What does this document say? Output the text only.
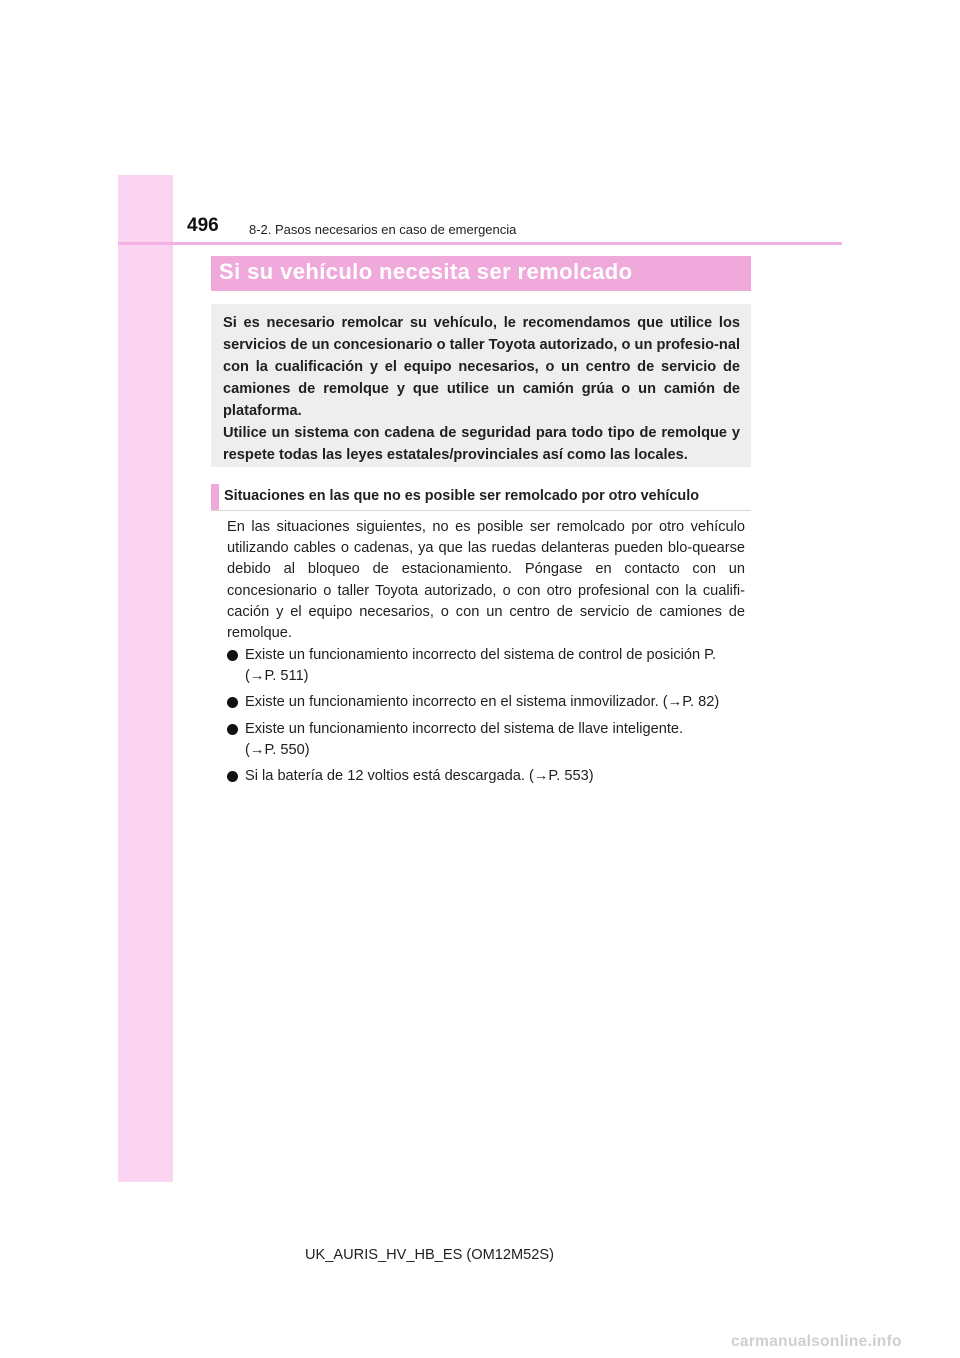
496 8-2. Pasos necesarios en caso de emergencia
Si su vehículo necesita ser remolcado

Si es necesario remolcar su vehículo, le recomendamos que utilice los servicios de un concesionario o taller Toyota autorizado, o un profesio-nal con la cualificación y el equipo necesarios, o un centro de servicio de camiones de remolque y que utilice un camión grúa o un camión de plataforma.

Utilice un sistema con cadena de seguridad para todo tipo de remolque y respete todas las leyes estatales/provinciales así como las locales.

Situaciones en las que no es posible ser remolcado por otro vehículo

En las situaciones siguientes, no es posible ser remolcado por otro vehículo utilizando cables o cadenas, ya que las ruedas delanteras pueden blo-quearse debido al bloqueo de estacionamiento. Póngase en contacto con un concesionario o taller Toyota autorizado, o con otro profesional con la cualifi-cación y el equipo necesarios, o con un centro de servicio de camiones de remolque.

Existe un funcionamiento incorrecto del sistema de control de posición P.
(→P. 511)
Existe un funcionamiento incorrecto en el sistema inmovilizador. (→P. 82)
Existe un funcionamiento incorrecto del sistema de llave inteligente.
(→P. 550)
Si la batería de 12 voltios está descargada. (→P. 553)
UK_AURIS_HV_HB_ES (OM12M52S)
carmanualsonline.info
